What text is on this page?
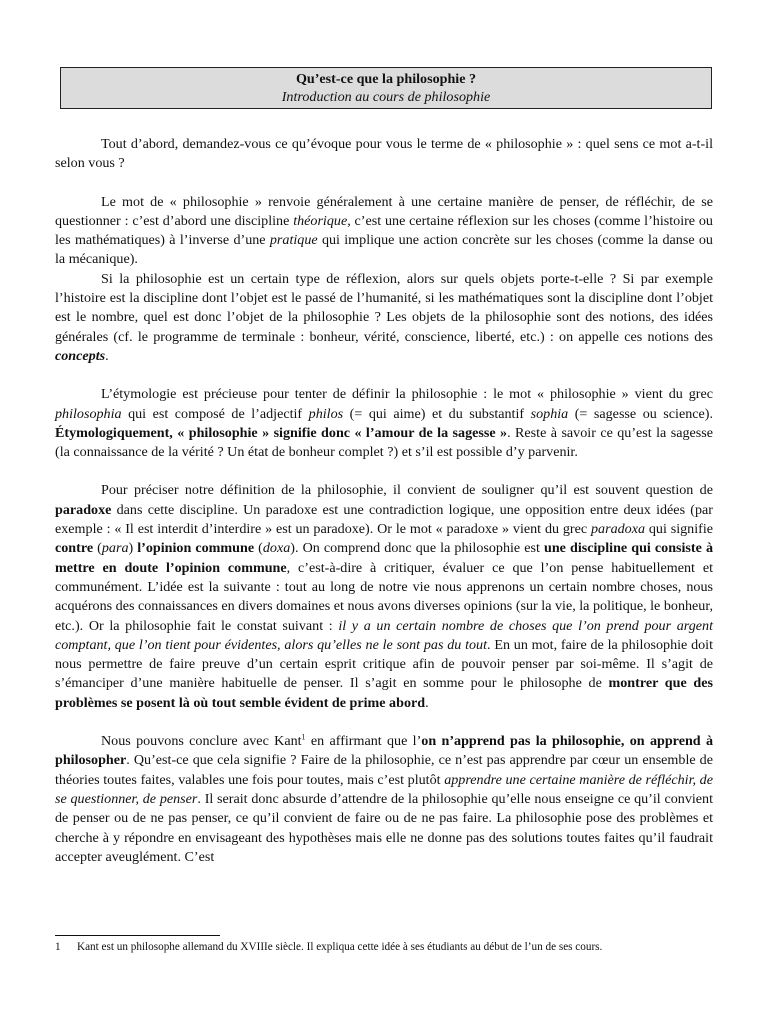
Qu’est-ce que la philosophie ?
Introduction au cours de philosophie

Tout d’abord, demandez-vous ce qu’évoque pour vous le terme de « philosophie » : quel sens ce mot a-t-il selon vous ?

Le mot de « philosophie » renvoie généralement à une certaine manière de penser, de réfléchir, de se questionner : c’est d’abord une discipline théorique, c’est une certaine réflexion sur les choses (comme l’histoire ou les mathématiques) à l’inverse d’une pratique qui implique une action concrète sur les choses (comme la danse ou la mécanique).

Si la philosophie est un certain type de réflexion, alors sur quels objets porte-t-elle ? Si par exemple l’histoire est la discipline dont l’objet est le passé de l’humanité, si les mathématiques sont la discipline dont l’objet est le nombre, quel est donc l’objet de la philosophie ? Les objets de la philosophie sont des notions, des idées générales (cf. le programme de terminale : bonheur, vérité, conscience, liberté, etc.) : on appelle ces notions des concepts.

L’étymologie est précieuse pour tenter de définir la philosophie : le mot « philosophie » vient du grec philosophia qui est composé de l’adjectif philos (= qui aime) et du substantif sophia (= sagesse ou science). Étymologiquement, « philosophie » signifie donc « l’amour de la sagesse ». Reste à savoir ce qu’est la sagesse (la connaissance de la vérité ? Un état de bonheur complet ?) et s’il est possible d’y parvenir.

Pour préciser notre définition de la philosophie, il convient de souligner qu’il est souvent question de paradoxe dans cette discipline. Un paradoxe est une contradiction logique, une opposition entre deux idées (par exemple : « Il est interdit d’interdire » est un paradoxe). Or le mot « paradoxe » vient du grec paradoxa qui signifie contre (para) l’opinion commune (doxa). On comprend donc que la philosophie est une discipline qui consiste à mettre en doute l’opinion commune, c’est-à-dire à critiquer, évaluer ce que l’on pense habituellement et communément. L’idée est la suivante : tout au long de notre vie nous apprenons un certain nombre choses, nous acquérons des connaissances en divers domaines et nous avons diverses opinions (sur la vie, la politique, le bonheur, etc.). Or la philosophie fait le constat suivant : il y a un certain nombre de choses que l’on prend pour argent comptant, que l’on tient pour évidentes, alors qu’elles ne le sont pas du tout. En un mot, faire de la philosophie doit nous permettre de faire preuve d’un certain esprit critique afin de pouvoir penser par soi-même. Il s’agit de s’émanciper d’une manière habituelle de penser. Il s’agit en somme pour le philosophe de montrer que des problèmes se posent là où tout semble évident de prime abord.

Nous pouvons conclure avec Kant$^1$ en affirmant que l’on n’apprend pas la philosophie, on apprend à philosopher. Qu’est-ce que cela signifie ? Faire de la philosophie, ce n’est pas apprendre par cœur un ensemble de théories toutes faites, valables une fois pour toutes, mais c’est plutôt apprendre une certaine manière de réfléchir, de se questionner, de penser. Il serait donc absurde d’attendre de la philosophie qu’elle nous enseigne ce qu’il convient de penser ou de ne pas penser, ce qu’il convient de faire ou de ne pas faire. La philosophie pose des problèmes et cherche à y répondre en envisageant des hypothèses mais elle ne donne pas des solutions toutes faites qu’il faudrait accepter aveuglément. C’est

1 Kant est un philosophe allemand du XVIIIe siècle. Il expliqua cette idée à ses étudiants au début de l’un de ses cours.
